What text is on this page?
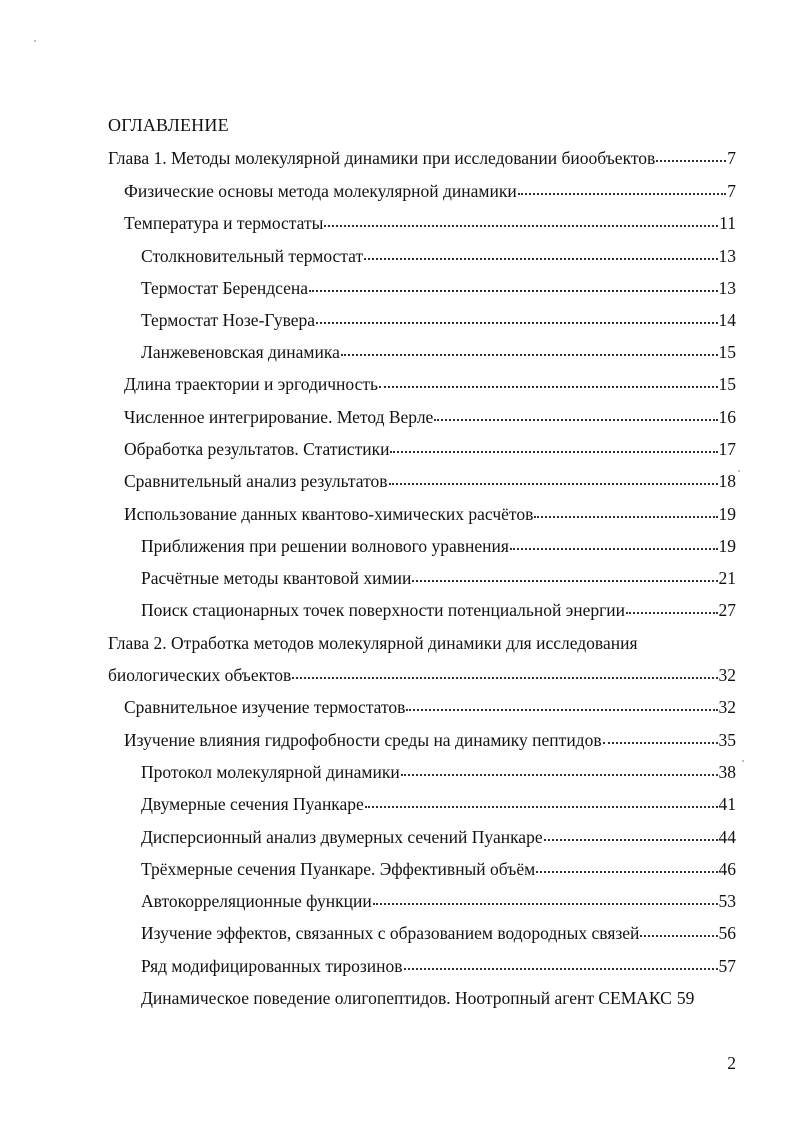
ОГЛАВЛЕНИЕ
Глава 1. Методы молекулярной динамики при исследовании биообъектов	7
Физические основы метода молекулярной динамики	7
Температура и термостаты	11
Столкновительный термостат	13
Термостат Берендсена	13
Термостат Нозе-Гувера	14
Ланжевеновская динамика	15
Длина траектории и эргодичность	15
Численное интегрирование. Метод Верле	16
Обработка результатов. Статистики	17
Сравнительный анализ результатов	18
Использование данных квантово-химических расчётов	19
Приближения при решении волнового уравнения	19
Расчётные методы квантовой химии	21
Поиск стационарных точек поверхности потенциальной энергии	27
Глава 2. Отработка методов молекулярной динамики для исследования
биологических объектов	32
Сравнительное изучение термостатов	32
Изучение влияния гидрофобности среды на динамику пептидов	35
Протокол молекулярной динамики	38
Двумерные сечения Пуанкаре	41
Дисперсионный анализ двумерных сечений Пуанкаре	44
Трёхмерные сечения Пуанкаре. Эффективный объём	46
Автокорреляционные функции	53
Изучение эффектов, связанных с образованием водородных связей	56
Ряд модифицированных тирозинов	57
Динамическое поведение олигопептидов. Ноотропный агент СЕМАКС 59
2
